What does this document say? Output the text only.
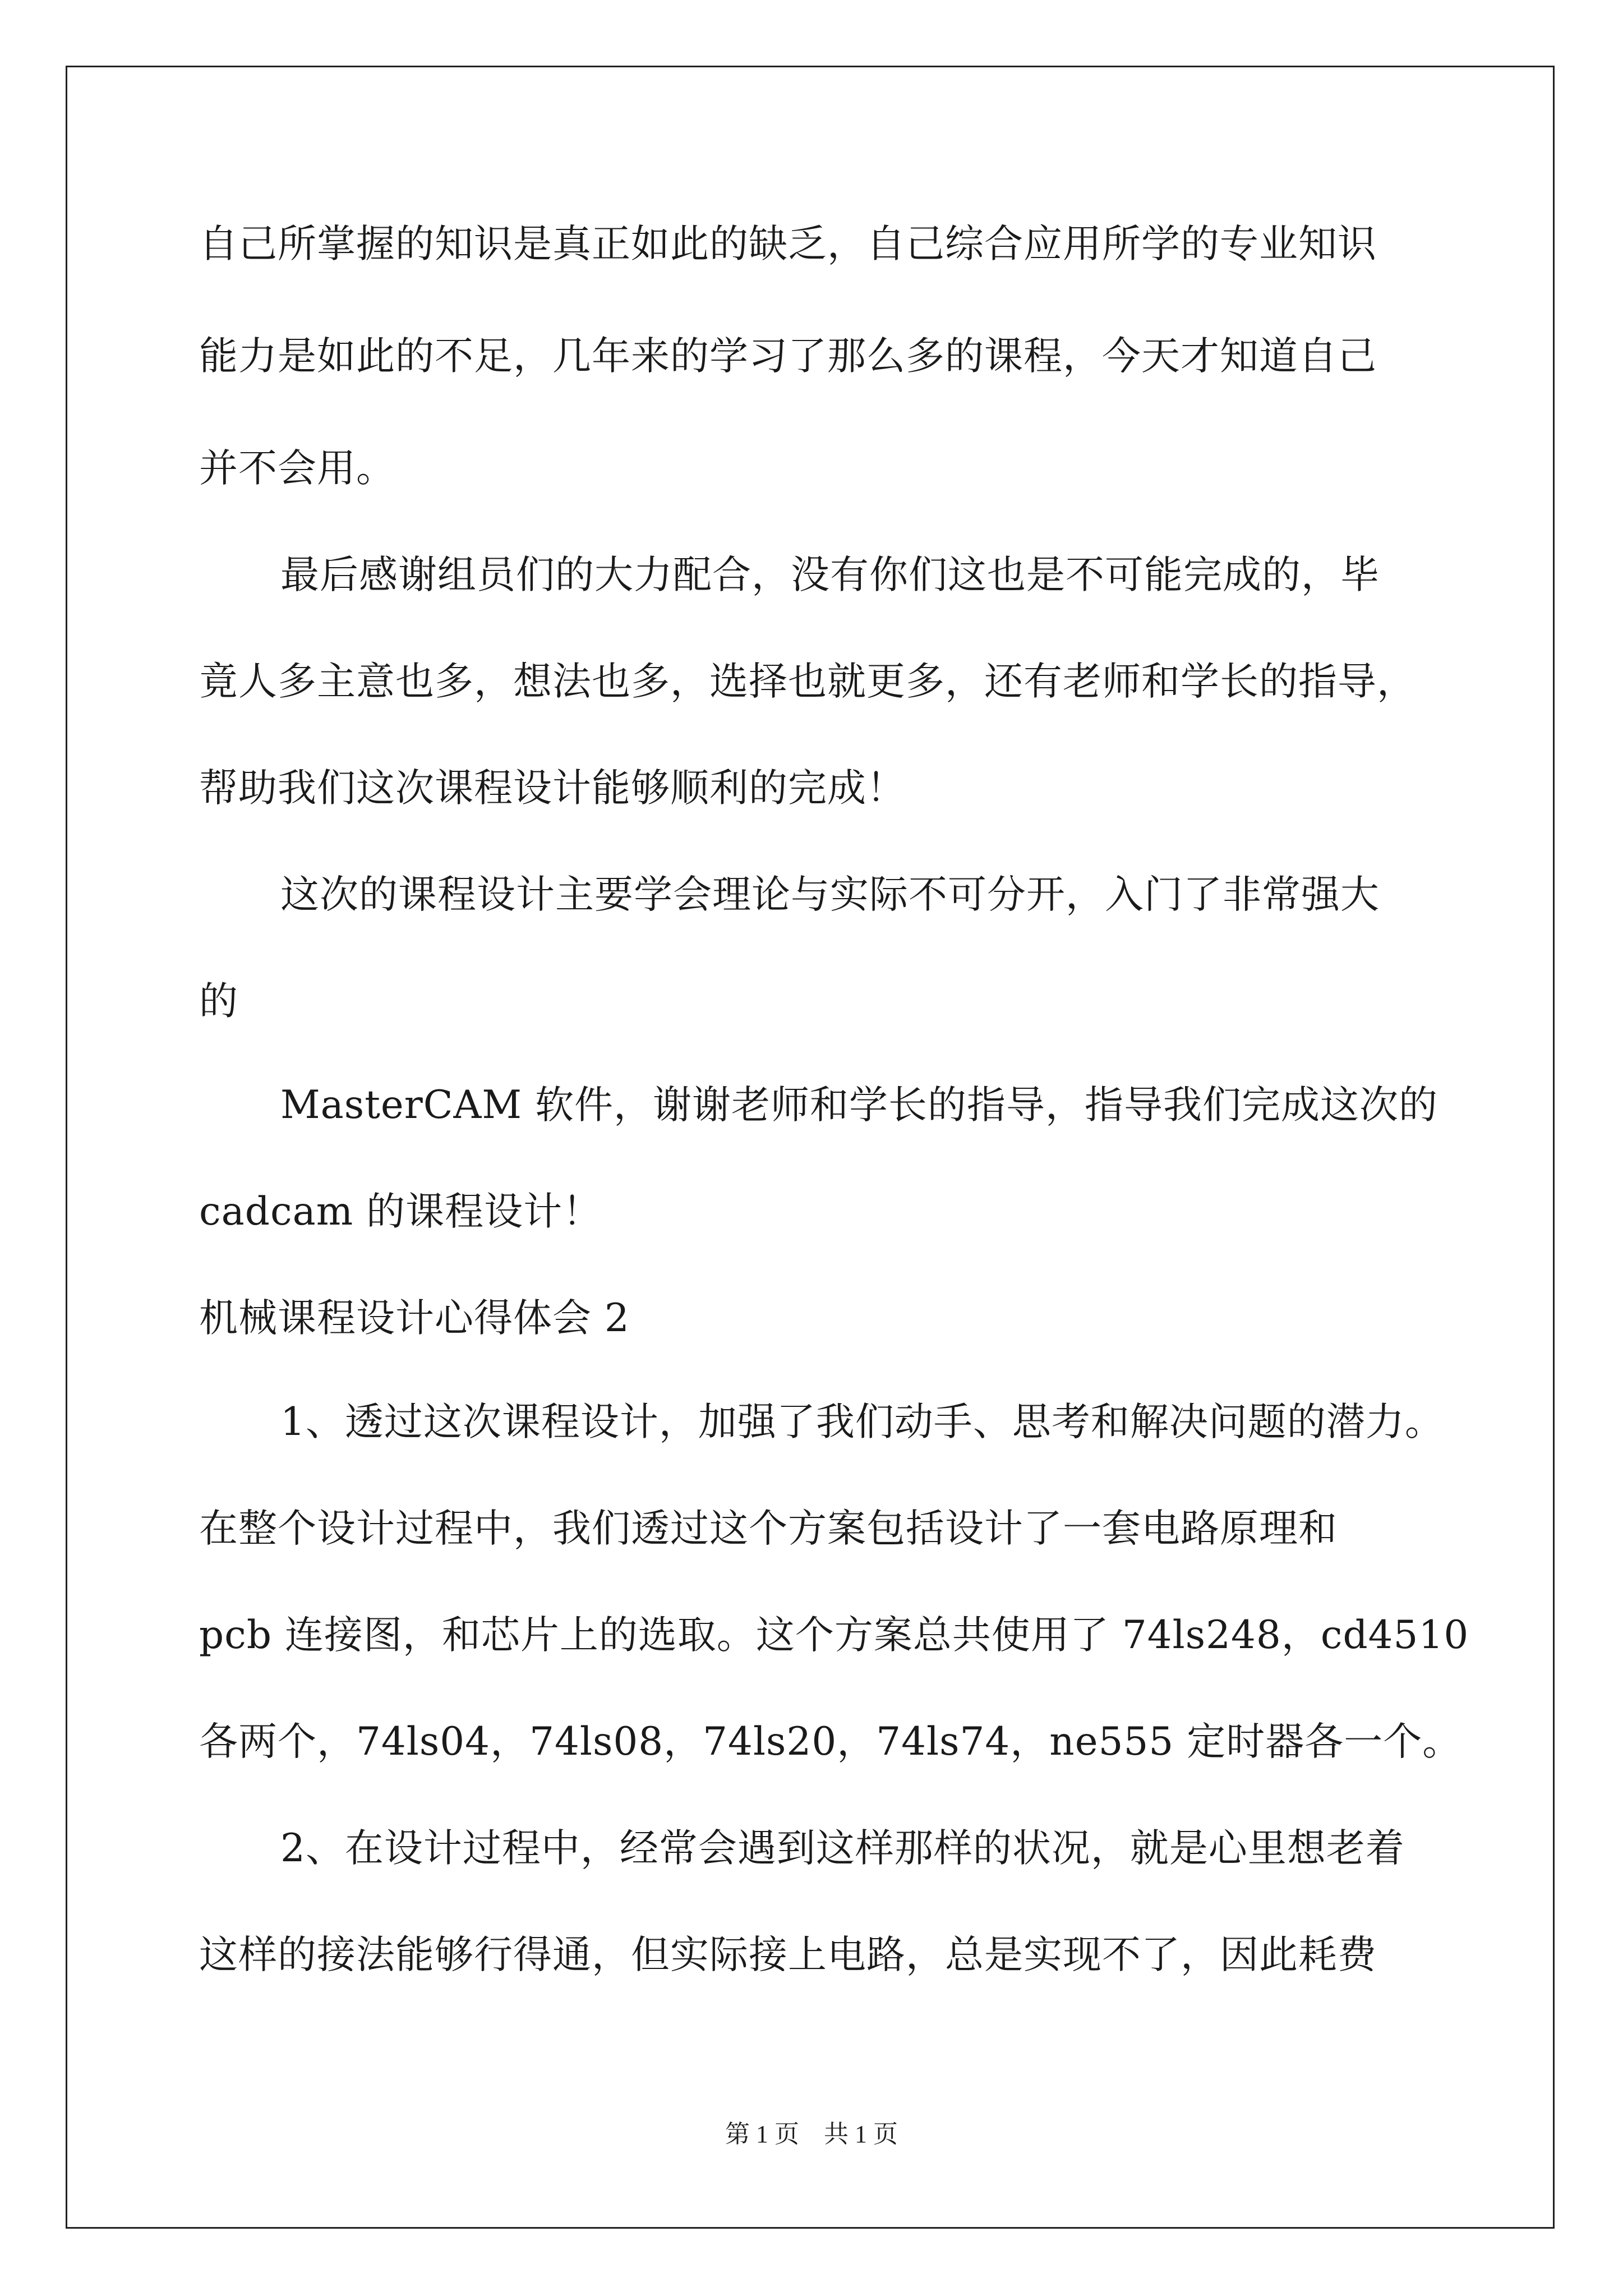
自己所掌握的知识是真正如此的缺乏，自己综合应用所学的专业知识
能力是如此的不足，几年来的学习了那么多的课程，今天才知道自己
并不会用。
最后感谢组员们的大力配合，没有你们这也是不可能完成的，毕
竟人多主意也多，想法也多，选择也就更多，还有老师和学长的指导，
帮助我们这次课程设计能够顺利的完成！
这次的课程设计主要学会理论与实际不可分开，入门了非常强大
的
MasterCAM 软件，谢谢老师和学长的指导，指导我们完成这次的
cadcam 的课程设计！
机械课程设计心得体会 2
1、透过这次课程设计，加强了我们动手、思考和解决问题的潜力。
在整个设计过程中，我们透过这个方案包括设计了一套电路原理和
pcb 连接图，和芯片上的选取。这个方案总共使用了 74ls248，cd4510
各两个，74ls04，74ls08，74ls20，74ls74，ne555 定时器各一个。
2、在设计过程中，经常会遇到这样那样的状况，就是心里想老着
这样的接法能够行得通，但实际接上电路，总是实现不了，因此耗费
第 1 页　共 1 页
